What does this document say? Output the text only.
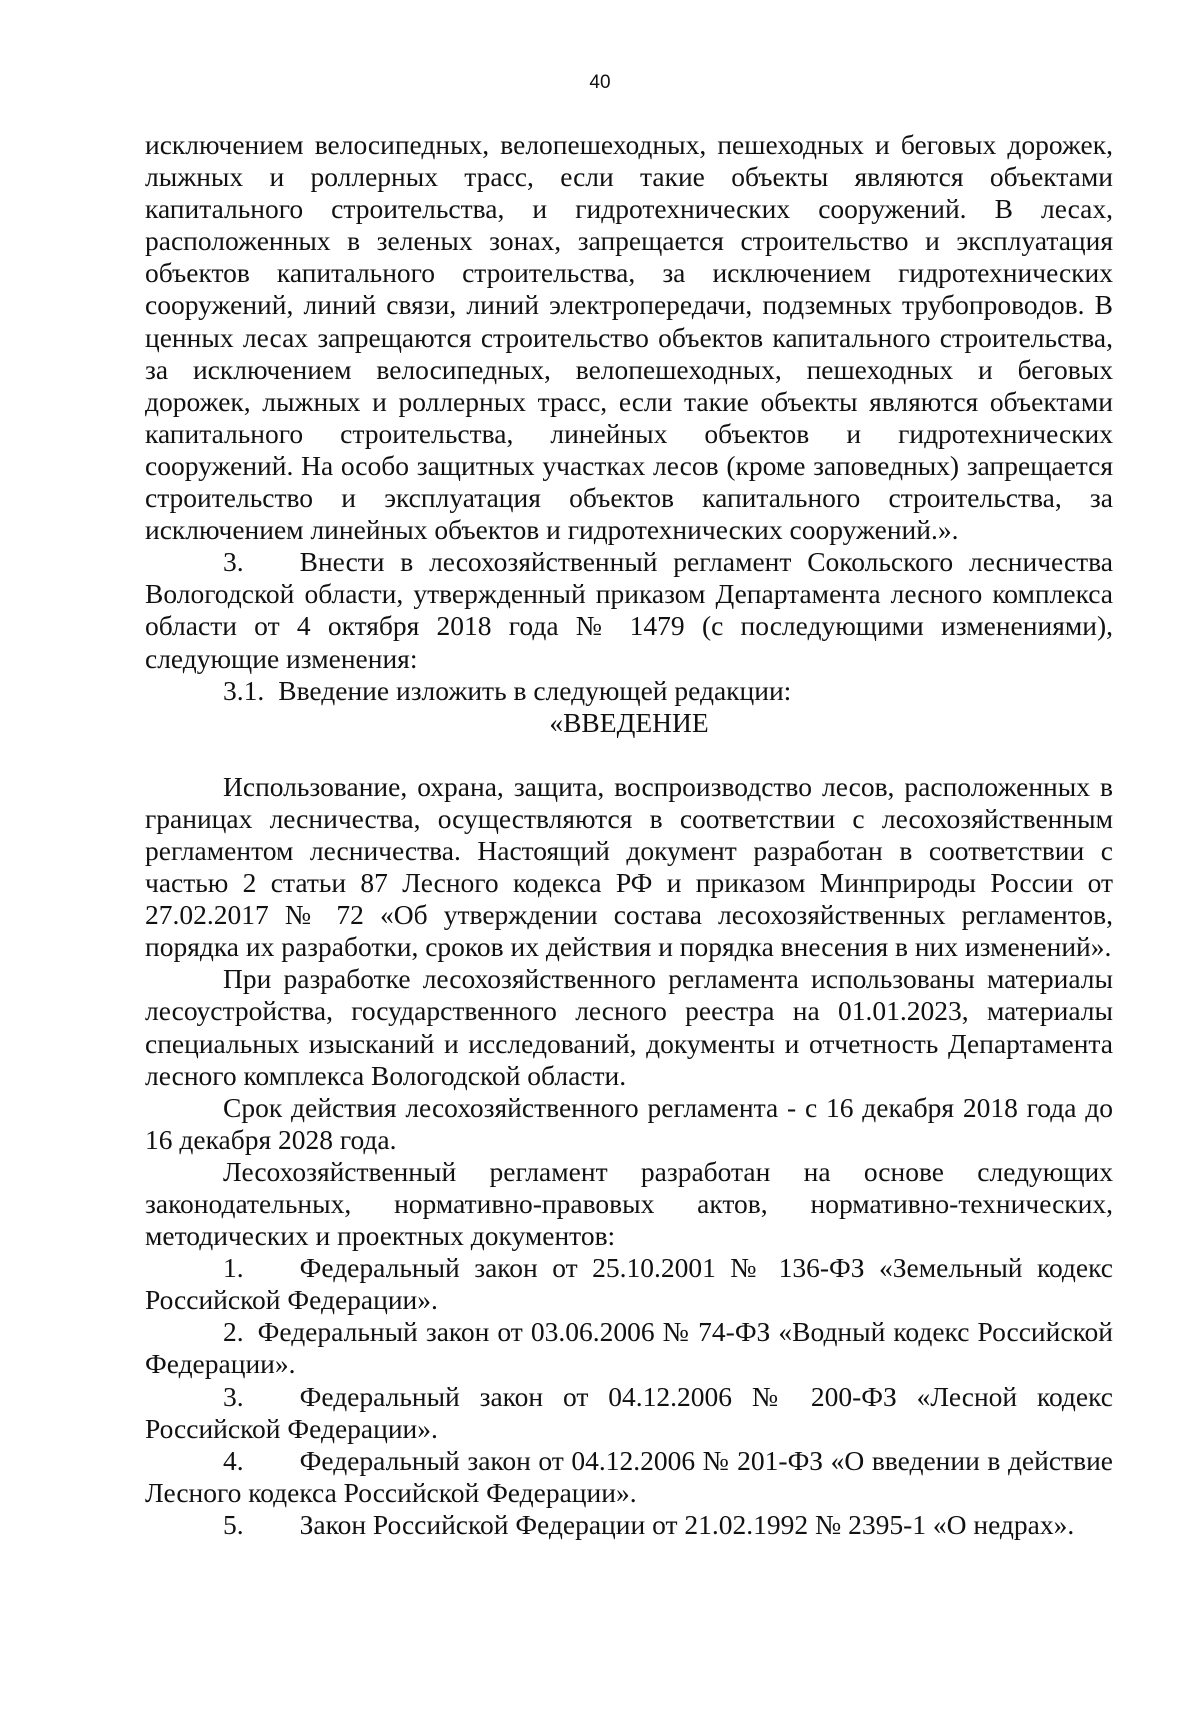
40

исключением велосипедных, велопешеходных, пешеходных и беговых дорожек, лыжных и роллерных трасс, если такие объекты являются объектами капитального строительства, и гидротехнических сооружений. В лесах, расположенных в зеленых зонах, запрещается строительство и эксплуатация объектов капитального строительства, за исключением гидротехнических сооружений, линий связи, линий электропередачи, подземных трубопроводов. В ценных лесах запрещаются строительство объектов капитального строительства, за исключением велосипедных, велопешеходных, пешеходных и беговых дорожек, лыжных и роллерных трасс, если такие объекты являются объектами капитального строительства, линейных объектов и гидротехнических сооружений. На особо защитных участках лесов (кроме заповедных) запрещается строительство и эксплуатация объектов капитального строительства, за исключением линейных объектов и гидротехнических сооружений.».

3. Внести в лесохозяйственный регламент Сокольского лесничества Вологодской области, утвержденный приказом Департамента лесного комплекса области от 4 октября 2018 года № 1479 (с последующими изменениями), следующие изменения:

3.1. Введение изложить в следующей редакции:

«ВВЕДЕНИЕ

Использование, охрана, защита, воспроизводство лесов, расположенных в границах лесничества, осуществляются в соответствии с лесохозяйственным регламентом лесничества. Настоящий документ разработан в соответствии с частью 2 статьи 87 Лесного кодекса РФ и приказом Минприроды России от 27.02.2017 № 72 «Об утверждении состава лесохозяйственных регламентов, порядка их разработки, сроков их действия и порядка внесения в них изменений».

При разработке лесохозяйственного регламента использованы материалы лесоустройства, государственного лесного реестра на 01.01.2023, материалы специальных изысканий и исследований, документы и отчетность Департамента лесного комплекса Вологодской области.

Срок действия лесохозяйственного регламента - с 16 декабря 2018 года до 16 декабря 2028 года.

Лесохозяйственный регламент разработан на основе следующих законодательных, нормативно-правовых актов, нормативно-технических, методических и проектных документов:

1. Федеральный закон от 25.10.2001 № 136-ФЗ «Земельный кодекс Российской Федерации».

2. Федеральный закон от 03.06.2006 № 74-ФЗ «Водный кодекс Российской Федерации».

3. Федеральный закон от 04.12.2006 № 200-ФЗ «Лесной кодекс Российской Федерации».

4. Федеральный закон от 04.12.2006 № 201-ФЗ «О введении в действие Лесного кодекса Российской Федерации».

5. Закон Российской Федерации от 21.02.1992 № 2395-1 «О недрах».
